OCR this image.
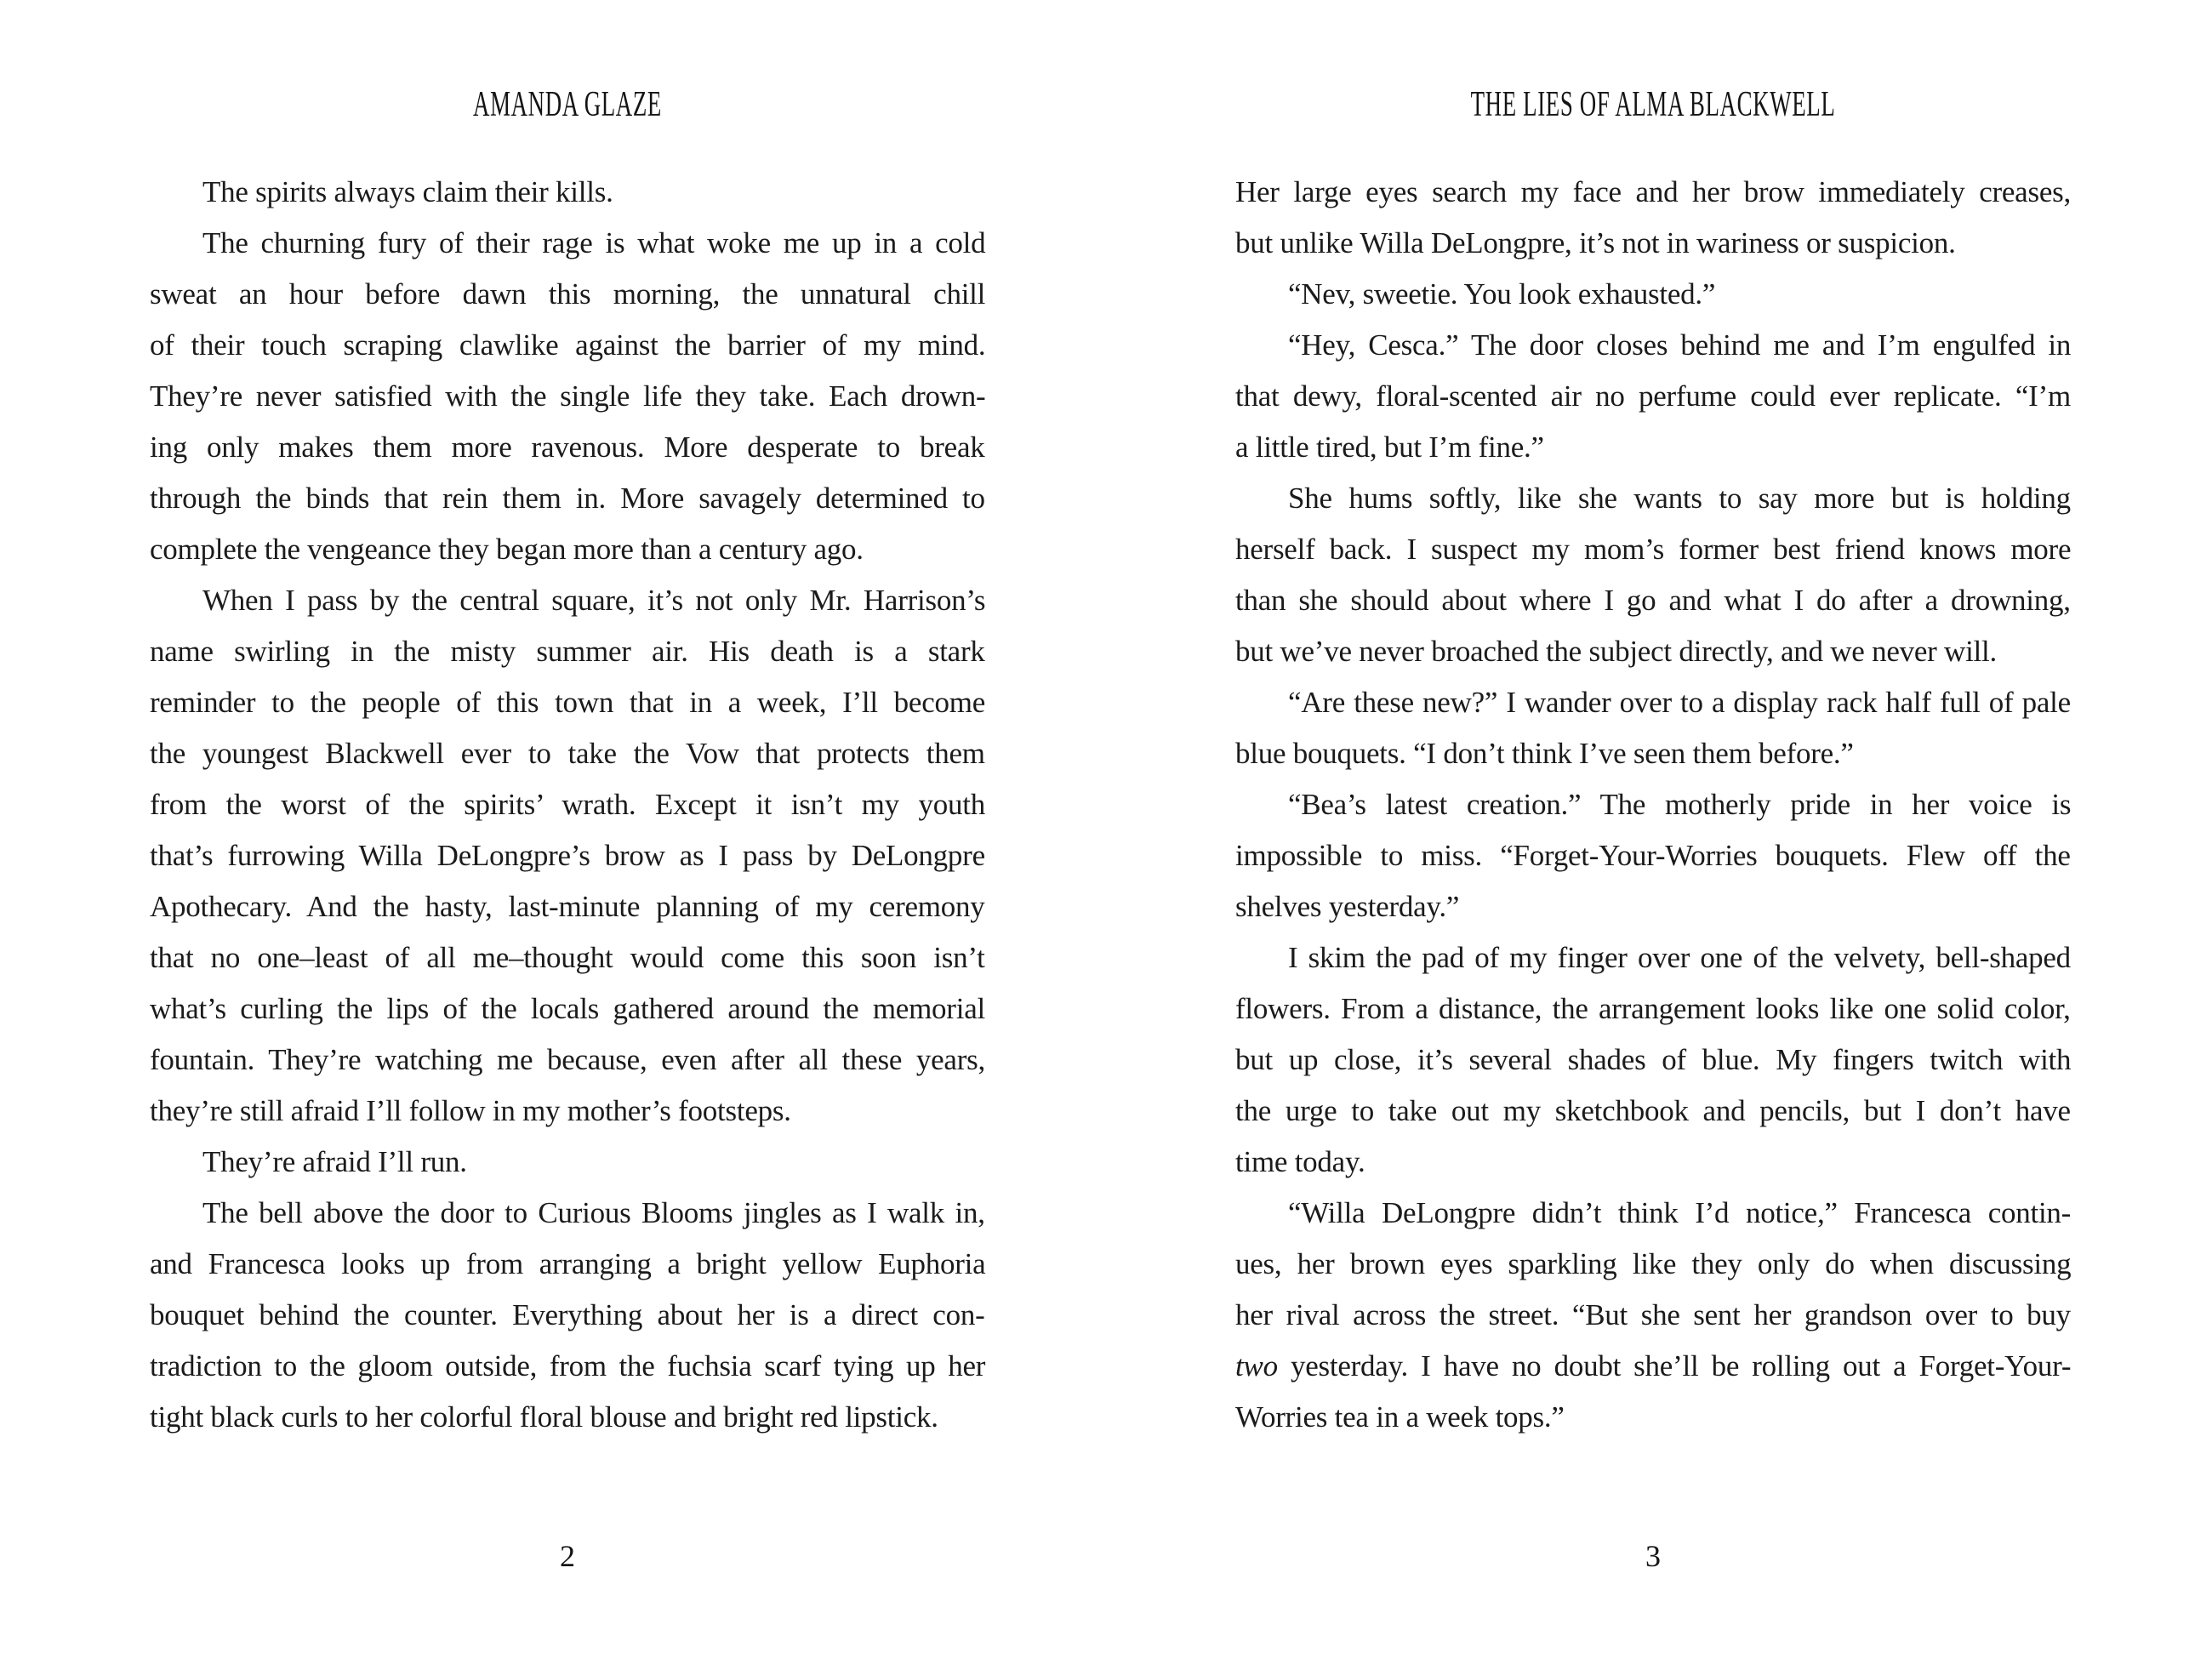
AMANDA GLAZE
The spirits always claim their kills.
The churning fury of their rage is what woke me up in a cold
sweat an hour before dawn this morning, the unnatural chill
of their touch scraping clawlike against the barrier of my mind.
They’re never satisfied with the single life they take. Each drown-
ing only makes them more ravenous. More desperate to break
through the binds that rein them in. More savagely determined to
complete the vengeance they began more than a century ago.
When I pass by the central square, it’s not only Mr. Harrison’s
name swirling in the misty summer air. His death is a stark
reminder to the people of this town that in a week, I’ll become
the youngest Blackwell ever to take the Vow that protects them
from the worst of the spirits’ wrath. Except it isn’t my youth
that’s furrowing Willa DeLongpre’s brow as I pass by DeLongpre
Apothecary. And the hasty, last-minute planning of my ceremony
that no one–least of all me–thought would come this soon isn’t
what’s curling the lips of the locals gathered around the memorial
fountain. They’re watching me because, even after all these years,
they’re still afraid I’ll follow in my mother’s footsteps.
They’re afraid I’ll run.
The bell above the door to Curious Blooms jingles as I walk in,
and Francesca looks up from arranging a bright yellow Euphoria
bouquet behind the counter. Everything about her is a direct con-
tradiction to the gloom outside, from the fuchsia scarf tying up her
tight black curls to her colorful floral blouse and bright red lipstick.
2
THE LIES OF ALMA BLACKWELL
Her large eyes search my face and her brow immediately creases,
but unlike Willa DeLongpre, it’s not in wariness or suspicion.
“Nev, sweetie. You look exhausted.”
“Hey, Cesca.” The door closes behind me and I’m engulfed in
that dewy, floral-scented air no perfume could ever replicate. “I’m
a little tired, but I’m fine.”
She hums softly, like she wants to say more but is holding
herself back. I suspect my mom’s former best friend knows more
than she should about where I go and what I do after a drowning,
but we’ve never broached the subject directly, and we never will.
“Are these new?” I wander over to a display rack half full of pale
blue bouquets. “I don’t think I’ve seen them before.”
“Bea’s latest creation.” The motherly pride in her voice is
impossible to miss. “Forget-Your-Worries bouquets. Flew off the
shelves yesterday.”
I skim the pad of my finger over one of the velvety, bell-shaped
flowers. From a distance, the arrangement looks like one solid color,
but up close, it’s several shades of blue. My fingers twitch with
the urge to take out my sketchbook and pencils, but I don’t have
time today.
“Willa DeLongpre didn’t think I’d notice,” Francesca contin-
ues, her brown eyes sparkling like they only do when discussing
her rival across the street. “But she sent her grandson over to buy
two yesterday. I have no doubt she’ll be rolling out a Forget-Your-
Worries tea in a week tops.”
3
